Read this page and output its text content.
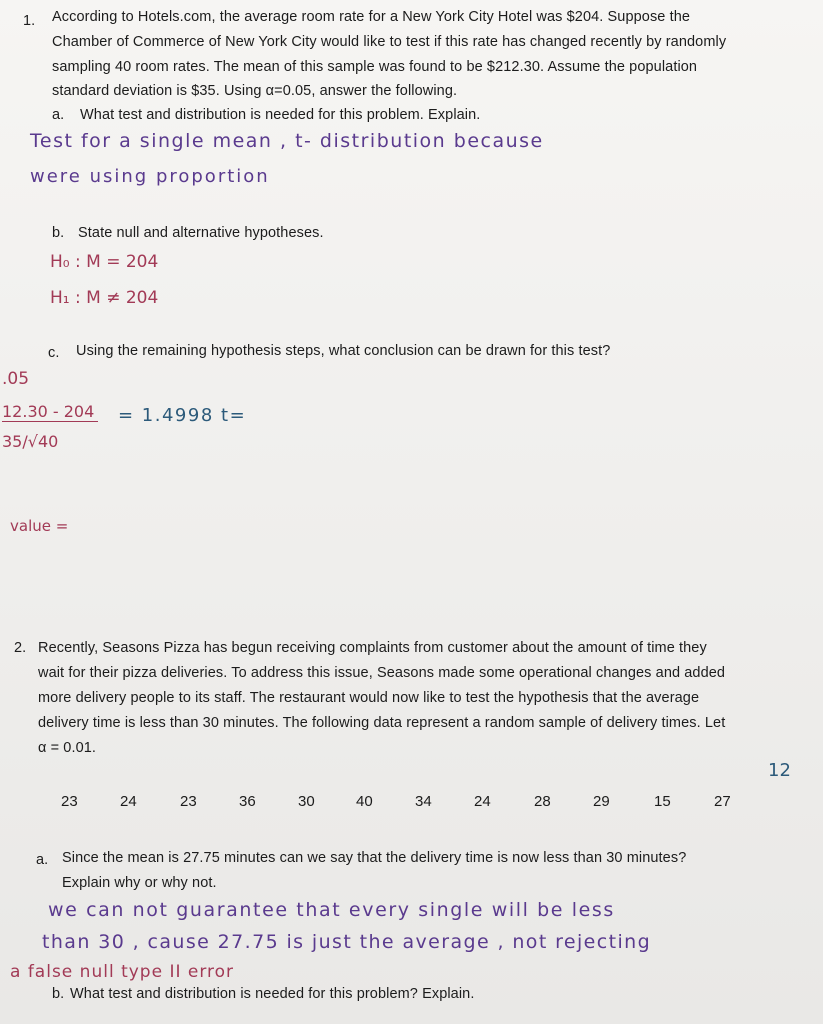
1. According to Hotels.com, the average room rate for a New York City Hotel was $204. Suppose the
Chamber of Commerce of New York City would like to test if this rate has changed recently by randomly
sampling 40 room rates. The mean of this sample was found to be $212.30. Assume the population
standard deviation is $35. Using α=0.05, answer the following.
a. What test and distribution is needed for this problem. Explain.
Test for a single mean , t- distribution because
were using proportion
b. State null and alternative hypotheses.
H₀ : M = 204
H₁ : M ≠ 204
c. Using the remaining hypothesis steps, what conclusion can be drawn for this test?
.05
12.30 - 204
35/√40
= 1.4998 t=
value =
2. Recently, Seasons Pizza has begun receiving complaints from customer about the amount of time they
wait for their pizza deliveries. To address this issue, Seasons made some operational changes and added
more delivery people to its staff. The restaurant would now like to test the hypothesis that the average
delivery time is less than 30 minutes. The following data represent a random sample of delivery times. Let
α = 0.01.
12
23	24	23	36	30	40	34	24	28	29	15	27
a. Since the mean is 27.75 minutes can we say that the delivery time is now less than 30 minutes?
Explain why or why not.
we can not guarantee that every single will be less
than 30 , cause 27.75 is just the average , not rejecting
a false null type II error
b. What test and distribution is needed for this problem? Explain.
